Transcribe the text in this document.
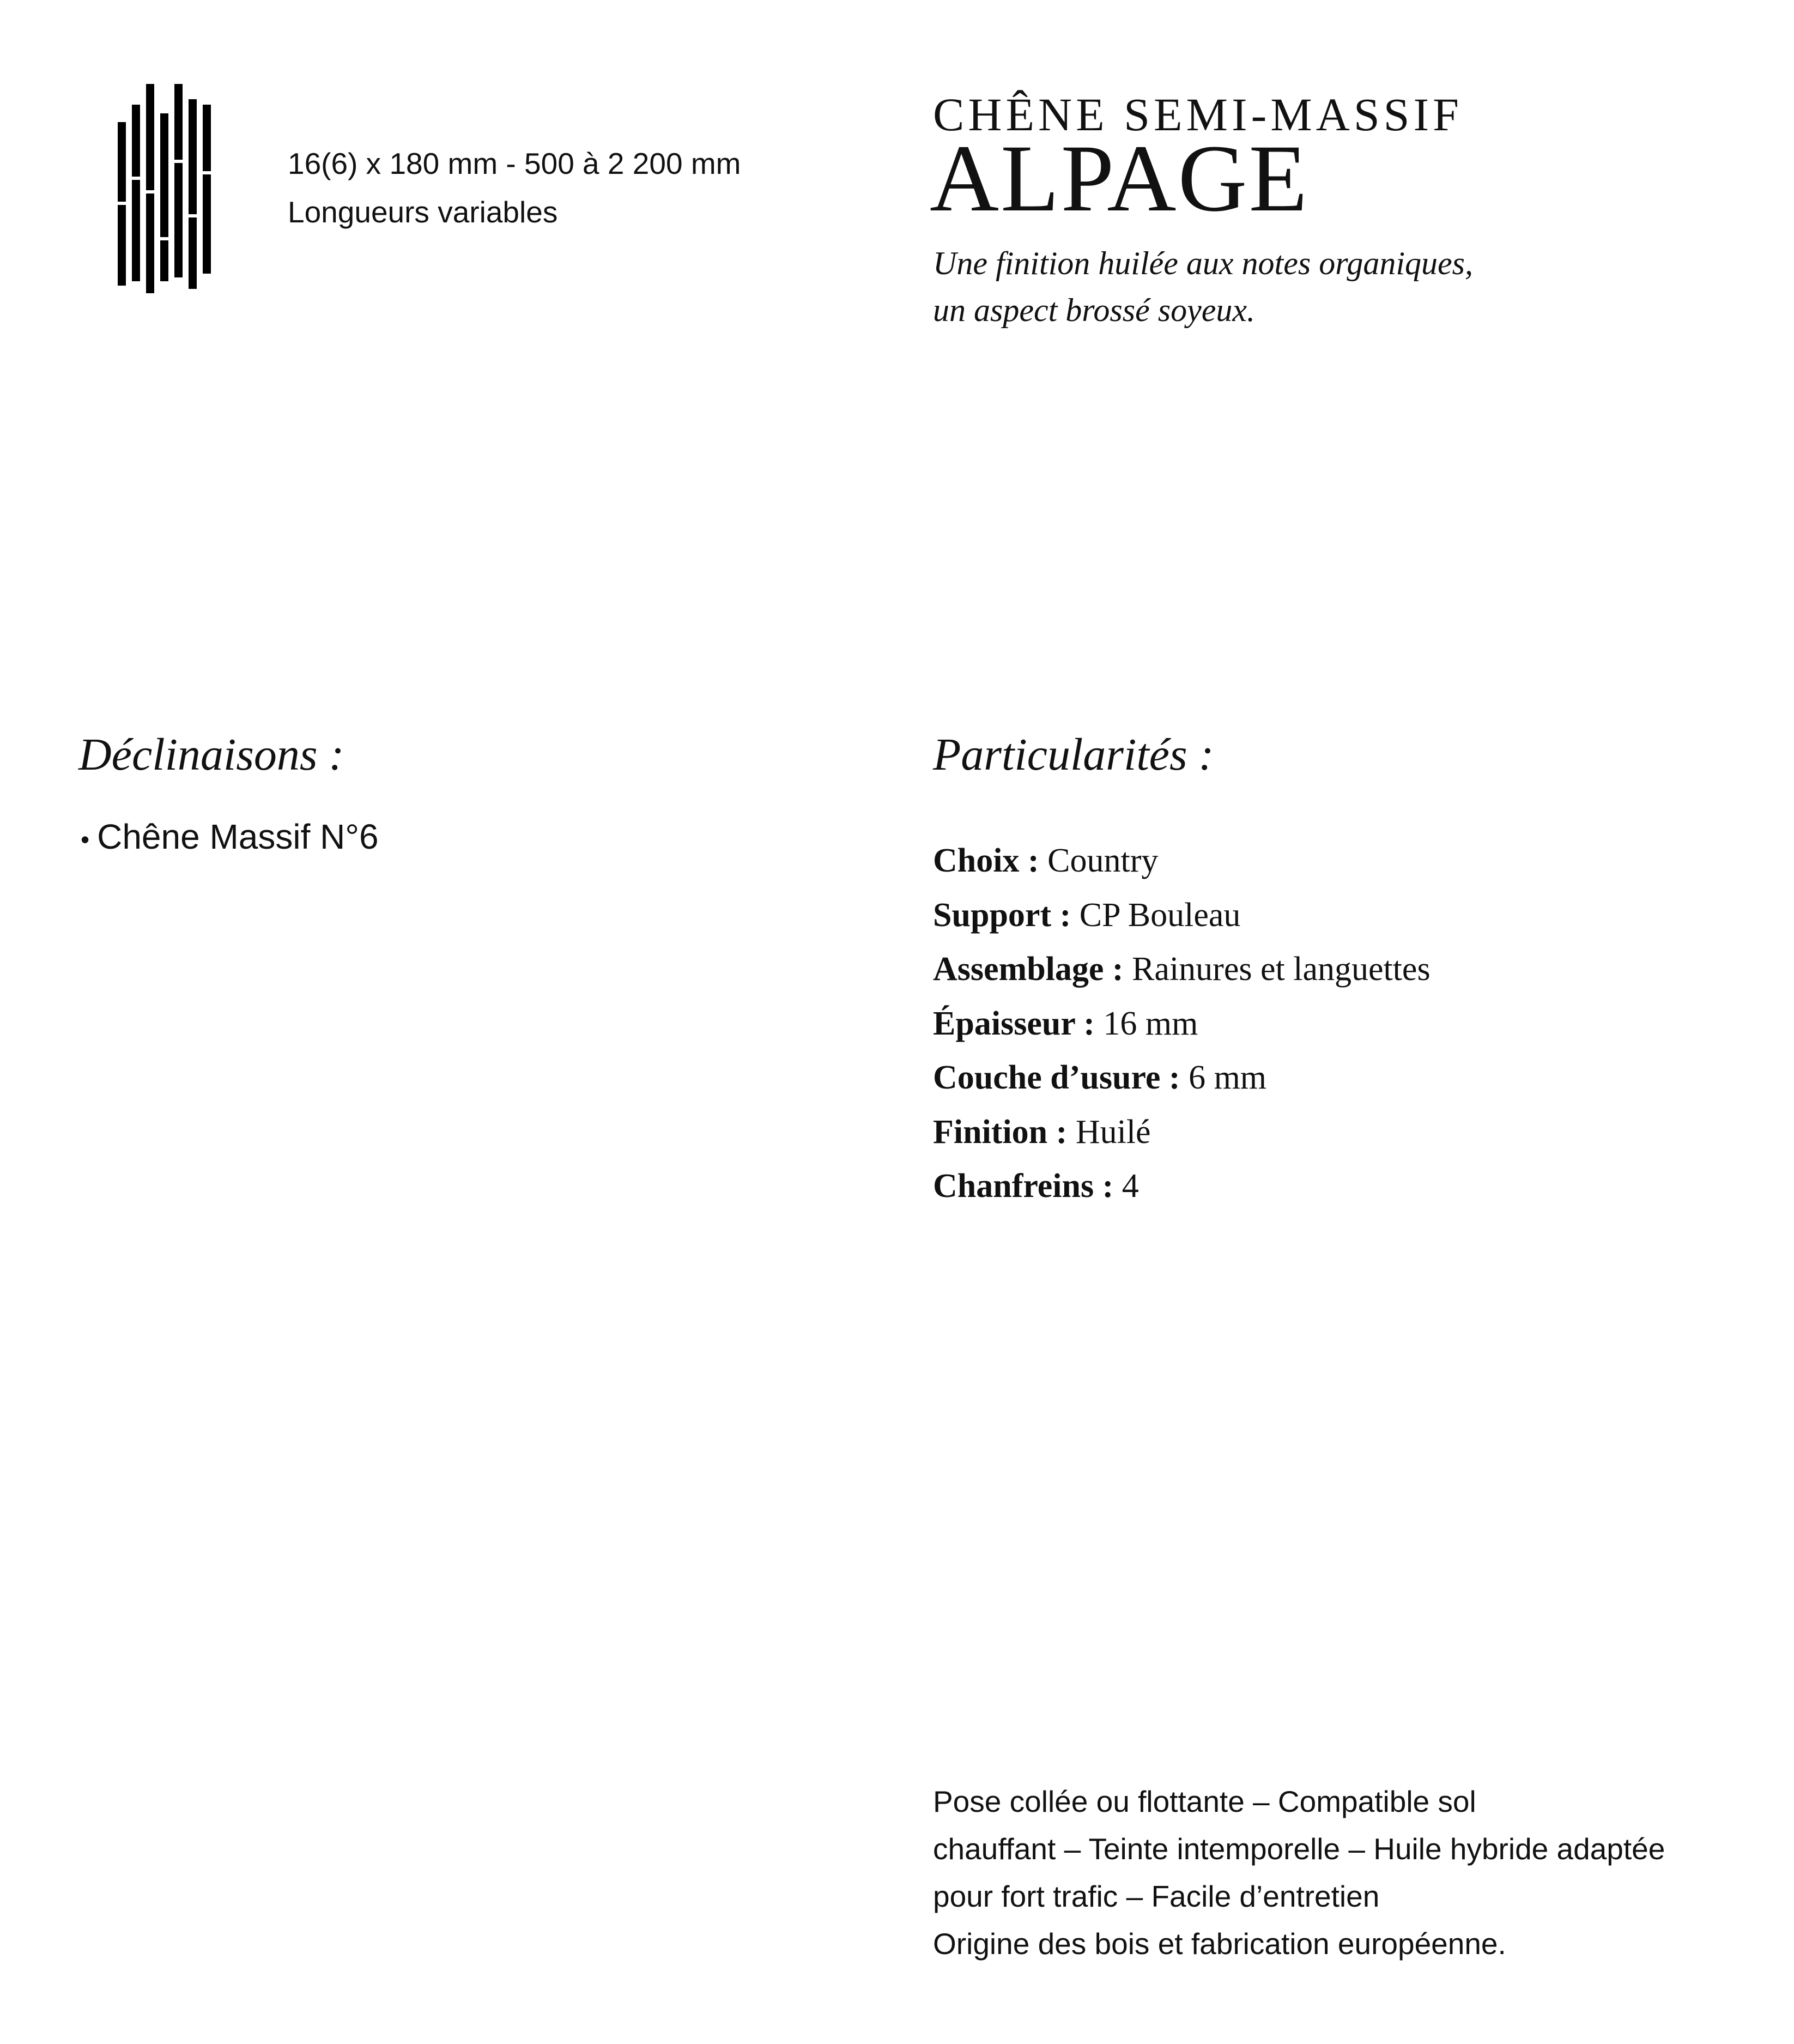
16(6) x 180 mm - 500 à 2 200 mm
Longueurs variables
CHÊNE SEMI-MASSIF
ALPAGE
Une finition huilée aux notes organiques,
un aspect brossé soyeux.
Déclinaisons :
• Chêne Massif N°6
Particularités :
Choix : Country
Support : CP Bouleau
Assemblage : Rainures et languettes
Épaisseur : 16 mm
Couche d’usure : 6 mm
Finition : Huilé
Chanfreins : 4
Pose collée ou flottante – Compatible sol
chauffant – Teinte intemporelle – Huile hybride adaptée
pour fort trafic – Facile d’entretien
Origine des bois et fabrication européenne.
